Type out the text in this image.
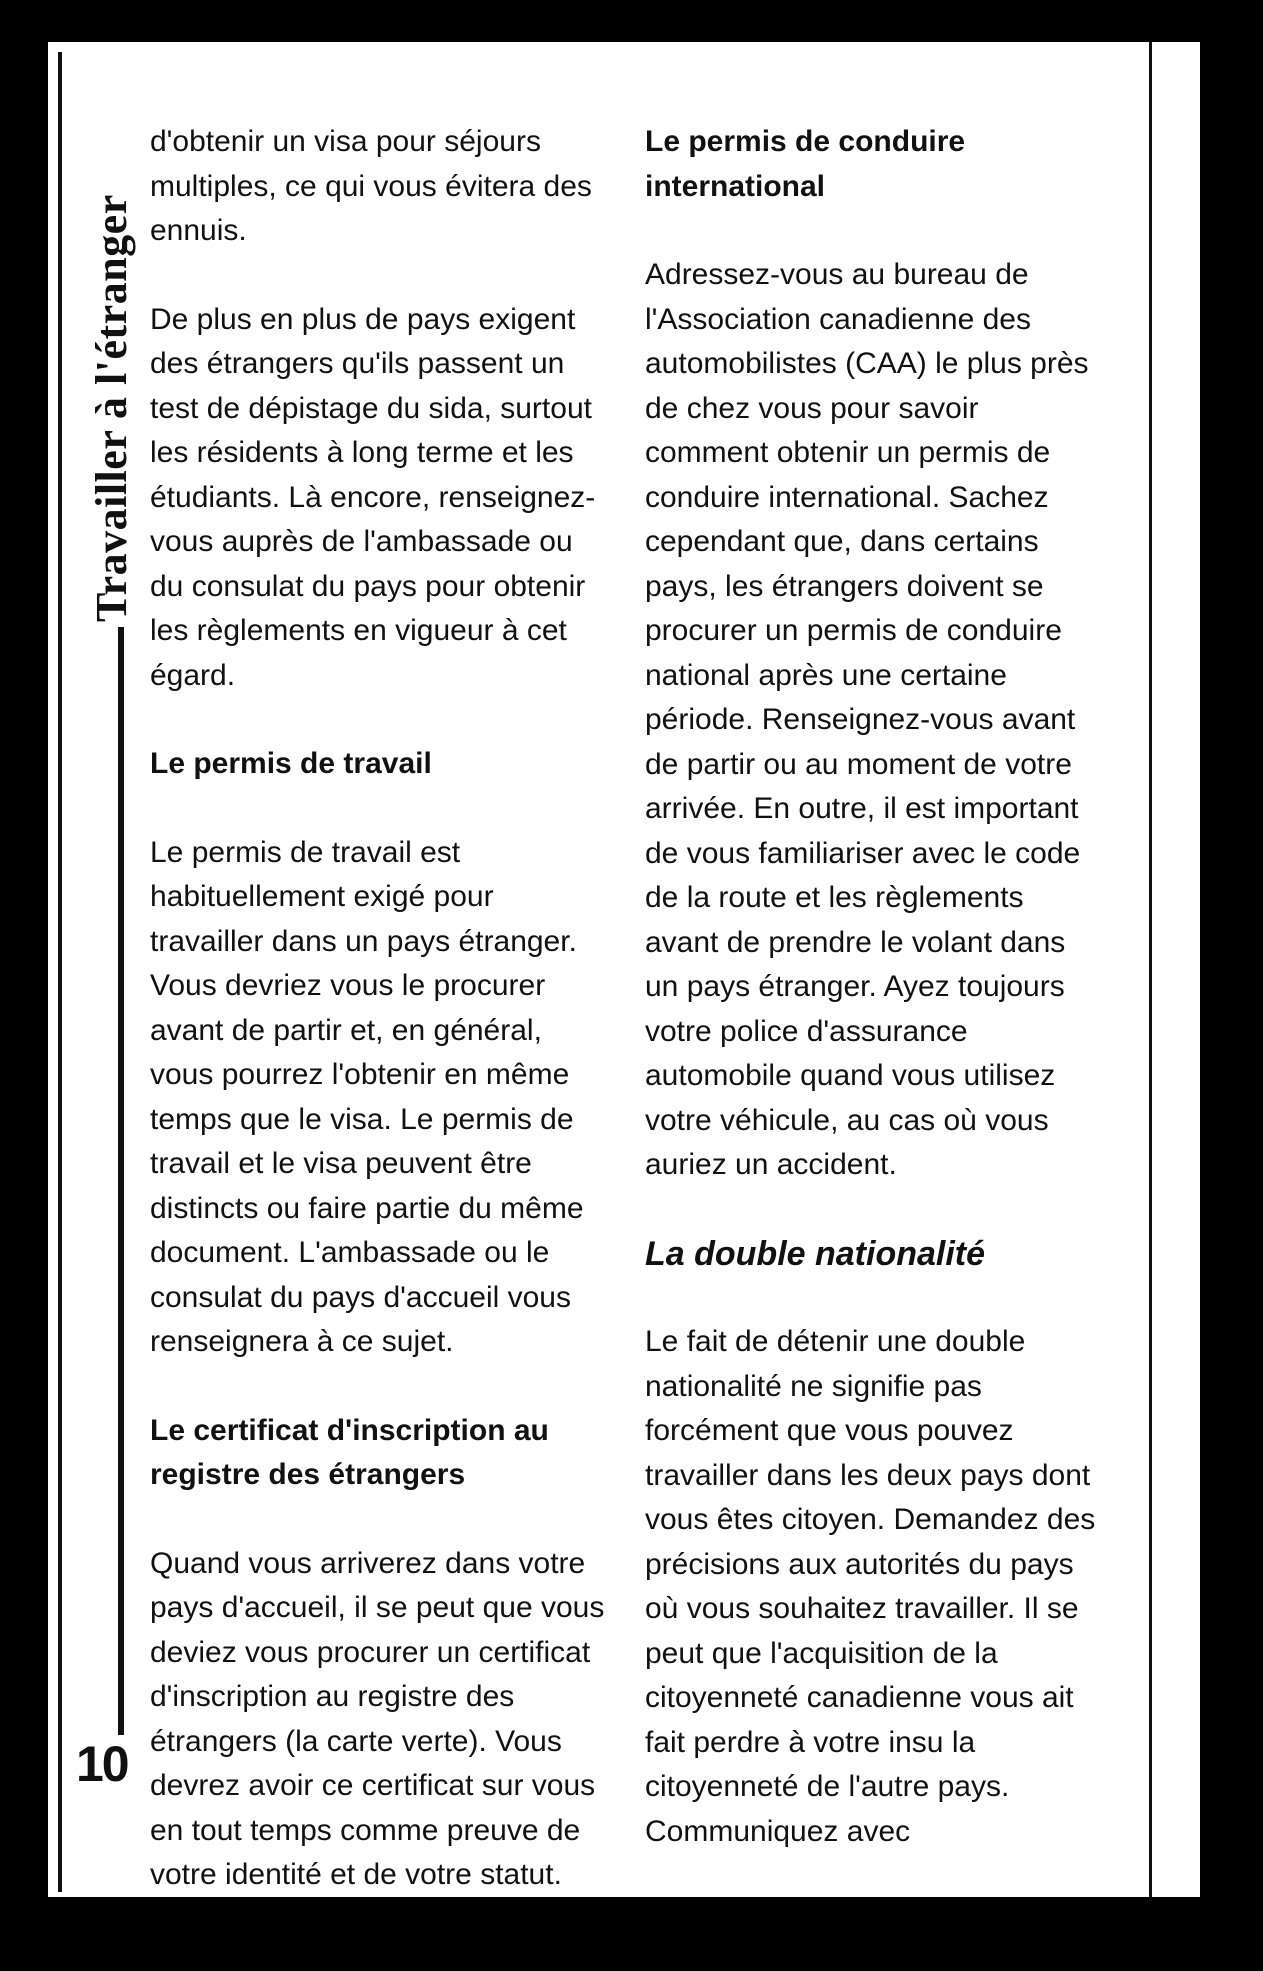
Travailler à l'étranger
10

d'obtenir un visa pour séjours multiples, ce qui vous évitera des ennuis.

De plus en plus de pays exigent des étrangers qu'ils passent un test de dépistage du sida, surtout les résidents à long terme et les étudiants. Là encore, renseignez-vous auprès de l'ambassade ou du consulat du pays pour obtenir les règlements en vigueur à cet égard.

Le permis de travail

Le permis de travail est habituellement exigé pour travailler dans un pays étranger. Vous devriez vous le procurer avant de partir et, en général, vous pourrez l'obtenir en même temps que le visa. Le permis de travail et le visa peuvent être distincts ou faire partie du même document. L'ambassade ou le consulat du pays d'accueil vous renseignera à ce sujet.

Le certificat d'inscription au registre des étrangers

Quand vous arriverez dans votre pays d'accueil, il se peut que vous deviez vous procurer un certificat d'inscription au registre des étrangers (la carte verte). Vous devrez avoir ce certificat sur vous en tout temps comme preuve de votre identité et de votre statut.

Le permis de conduire international

Adressez-vous au bureau de l'Association canadienne des automobilistes (CAA) le plus près de chez vous pour savoir comment obtenir un permis de conduire international. Sachez cependant que, dans certains pays, les étrangers doivent se procurer un permis de conduire national après une certaine période. Renseignez-vous avant de partir ou au moment de votre arrivée. En outre, il est important de vous familiariser avec le code de la route et les règlements avant de prendre le volant dans un pays étranger. Ayez toujours votre police d'assurance automobile quand vous utilisez votre véhicule, au cas où vous auriez un accident.

La double nationalité

Le fait de détenir une double nationalité ne signifie pas forcément que vous pouvez travailler dans les deux pays dont vous êtes citoyen. Demandez des précisions aux autorités du pays où vous souhaitez travailler. Il se peut que l'acquisition de la citoyenneté canadienne vous ait fait perdre à votre insu la citoyenneté de l'autre pays. Communiquez avec
